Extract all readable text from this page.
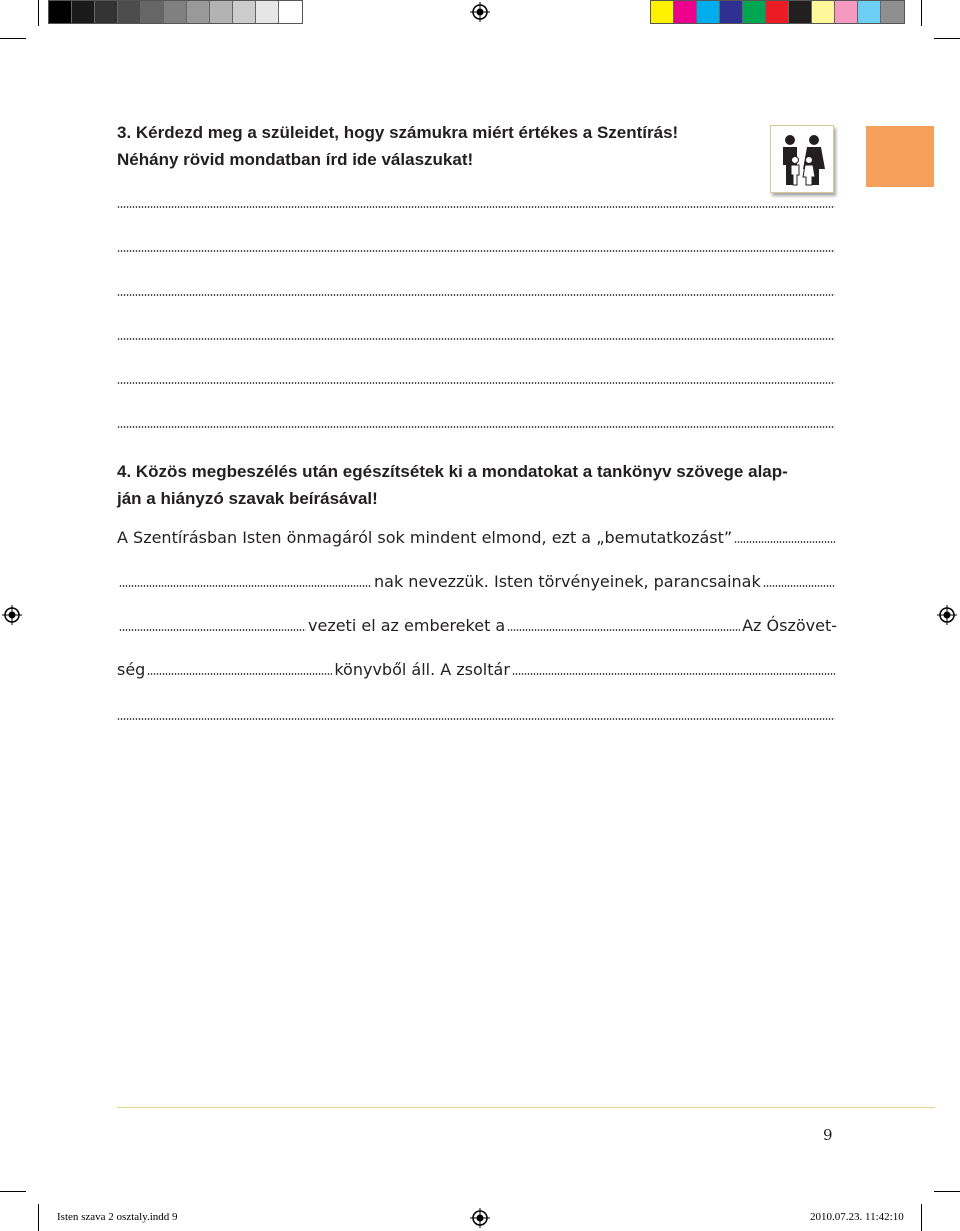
3. Kérdezd meg a szüleidet, hogy számukra miért értékes a Szentírás!
Néhány rövid mondatban írd ide válaszukat!
4. Közös megbeszélés után egészítsétek ki a mondatokat a tankönyv szövege alap-
ján a hiányzó szavak beírásával!
A Szentírásban Isten önmagáról sok mindent elmond, ezt a „bemutatkozást”
nak nevezzük. Isten törvényeinek, parancsainak
vezeti el az embereket a	Az Ószövet-
ség	könyvből áll. A zsoltár
9
Isten szava 2 osztaly.indd 9	2010.07.23. 11:42:10
